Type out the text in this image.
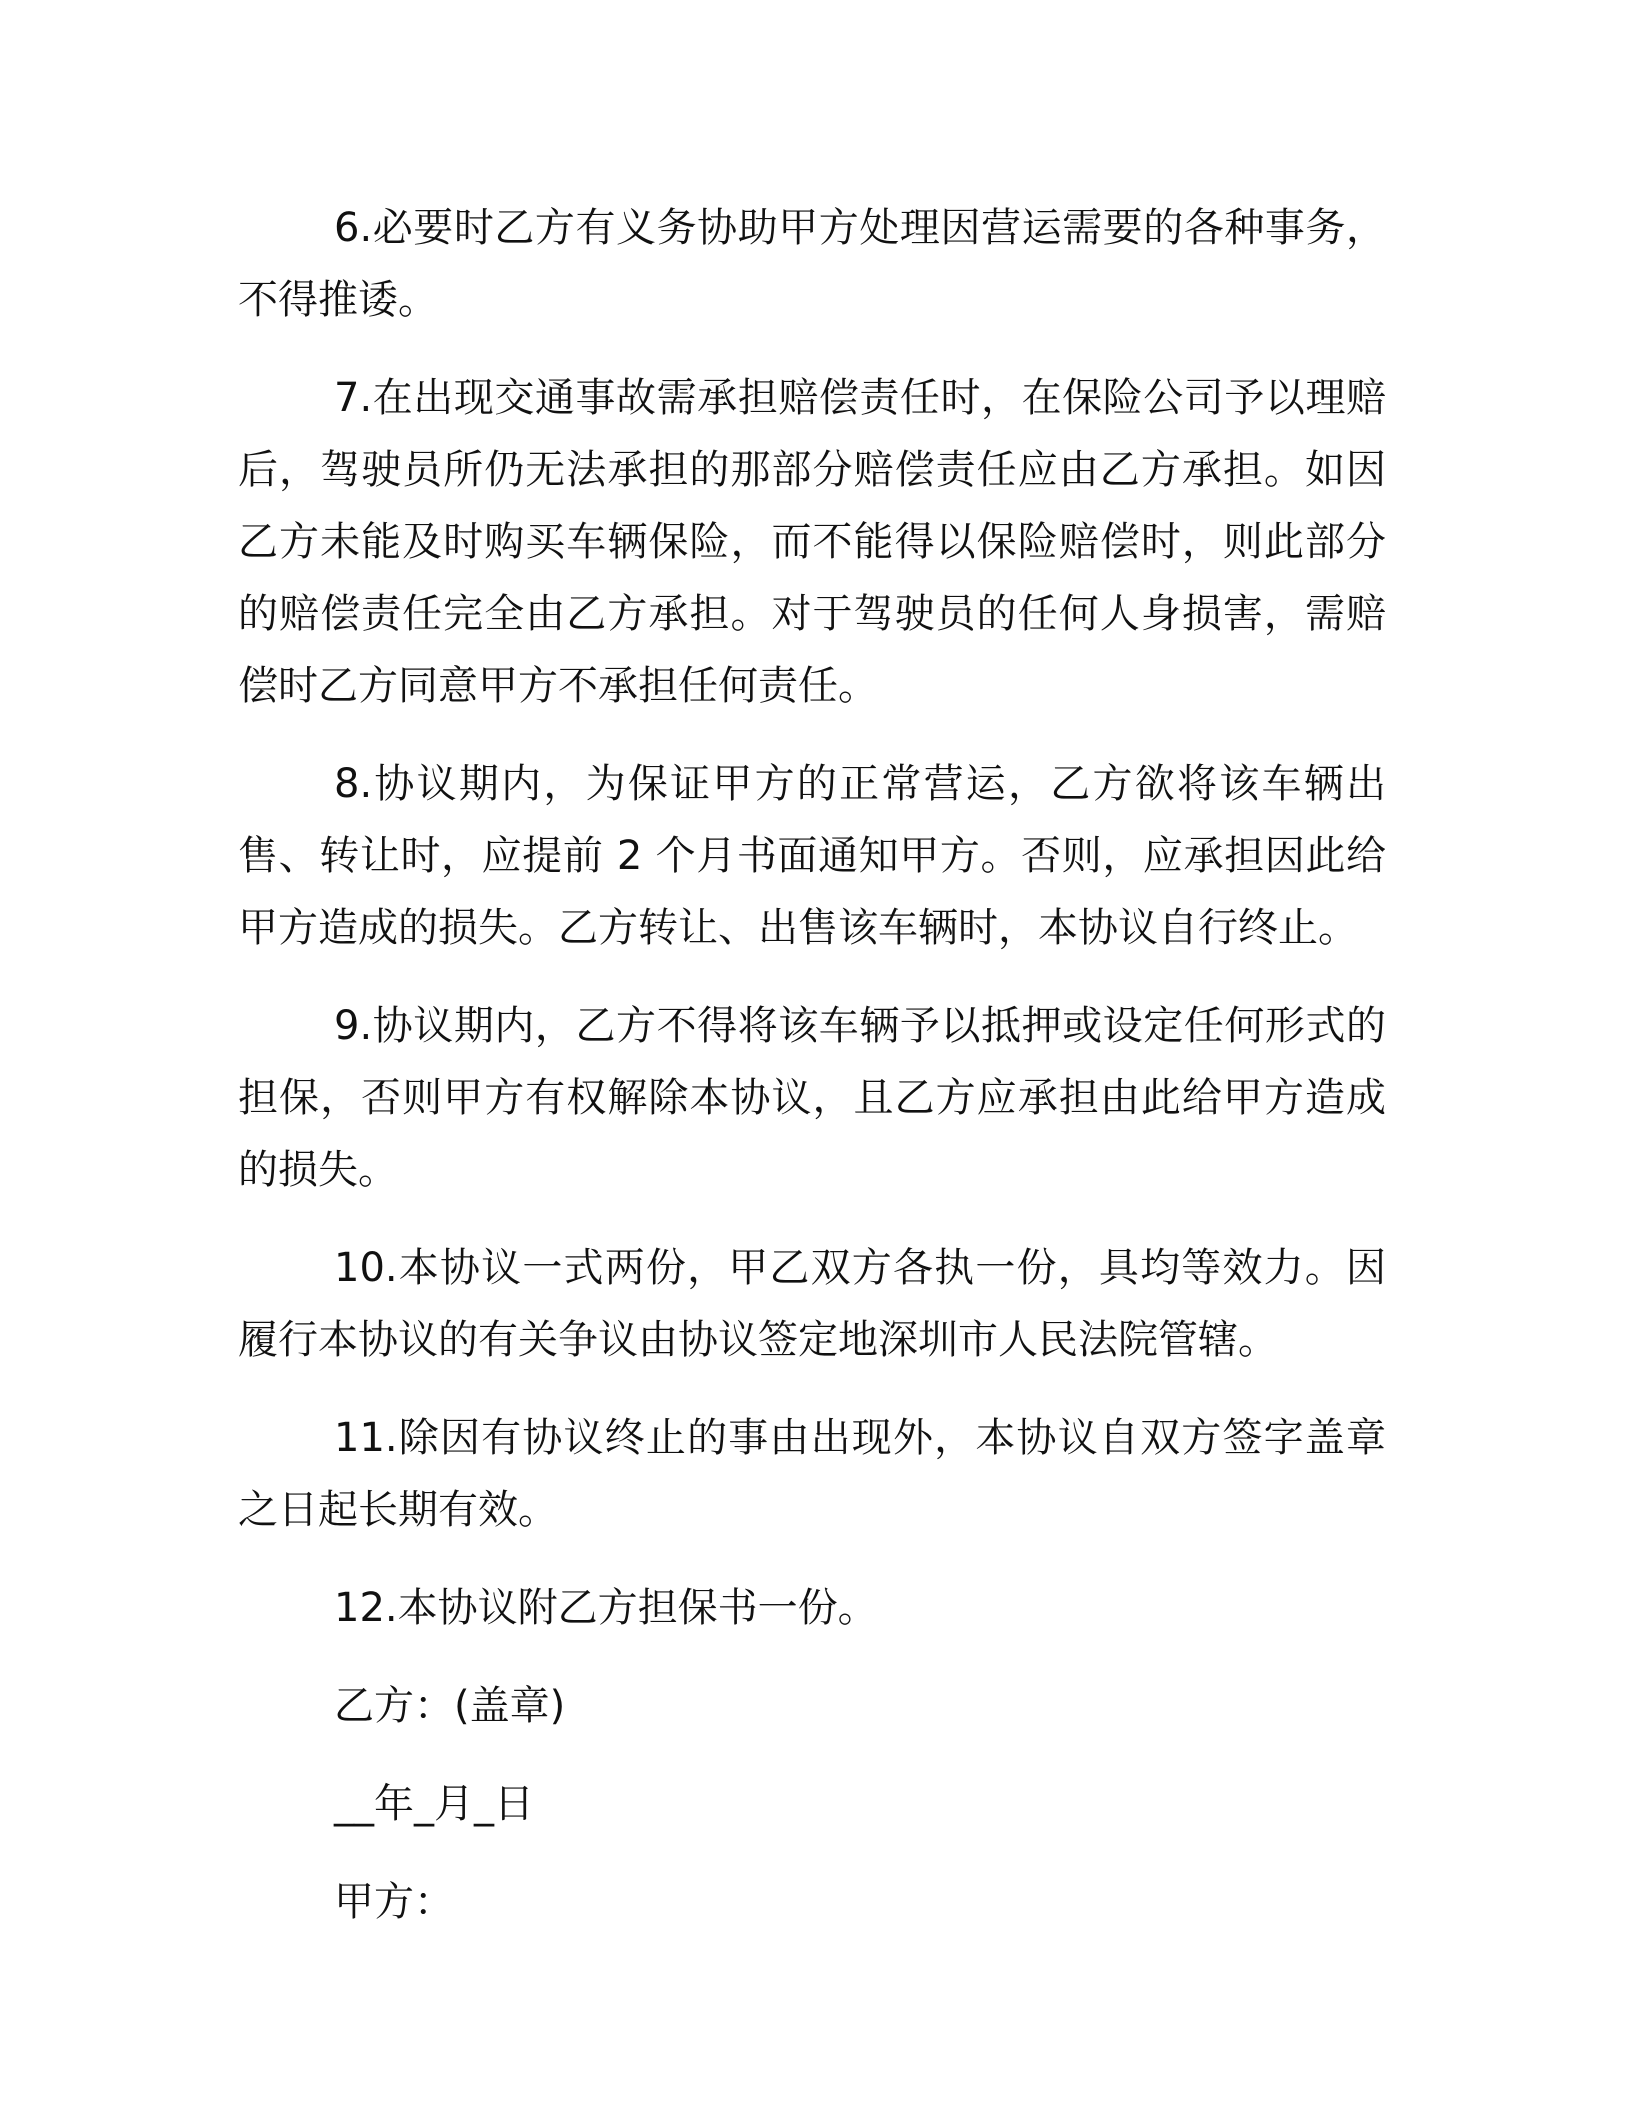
6.必要时乙方有义务协助甲方处理因营运需要的各种事务，不得推诿。

7.在出现交通事故需承担赔偿责任时，在保险公司予以理赔后，驾驶员所仍无法承担的那部分赔偿责任应由乙方承担。如因乙方未能及时购买车辆保险，而不能得以保险赔偿时，则此部分的赔偿责任完全由乙方承担。对于驾驶员的任何人身损害，需赔偿时乙方同意甲方不承担任何责任。

8.协议期内，为保证甲方的正常营运，乙方欲将该车辆出售、转让时，应提前 2 个月书面通知甲方。否则，应承担因此给甲方造成的损失。乙方转让、出售该车辆时，本协议自行终止。

9.协议期内，乙方不得将该车辆予以抵押或设定任何形式的担保，否则甲方有权解除本协议，且乙方应承担由此给甲方造成的损失。

10.本协议一式两份，甲乙双方各执一份，具均等效力。因履行本协议的有关争议由协议签定地深圳市人民法院管辖。

11.除因有协议终止的事由出现外，本协议自双方签字盖章之日起长期有效。

12.本协议附乙方担保书一份。

乙方：(盖章)

__年_月_日

甲方：
